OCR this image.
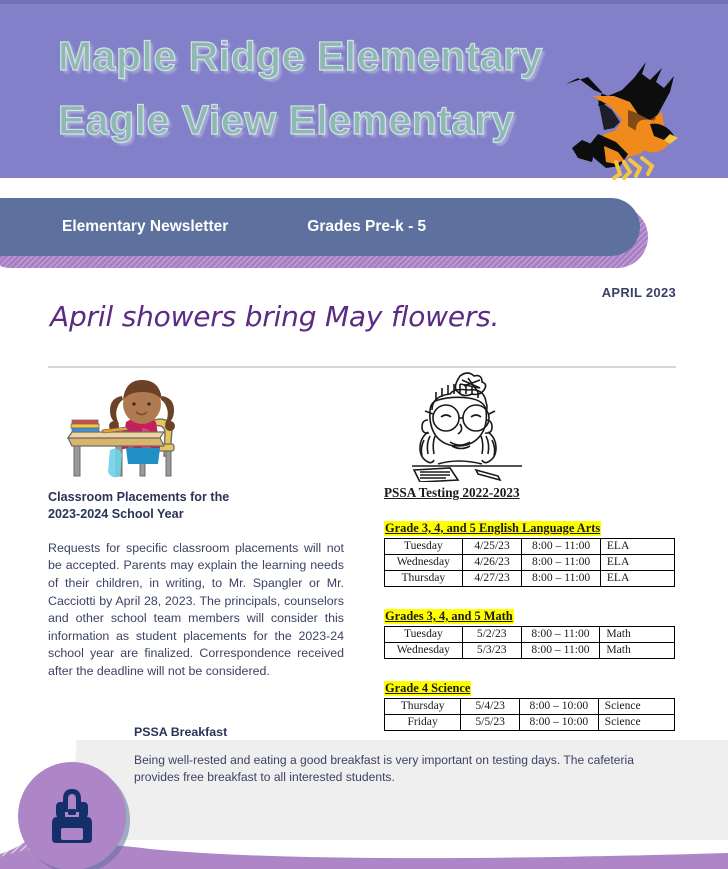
Maple Ridge Elementary
Eagle View Elementary
Elementary Newsletter	Grades Pre-k - 5
APRIL 2023
April showers bring May flowers.
Classroom Placements for the
2023-2024 School Year
Requests for specific classroom placements will not be accepted. Parents may explain the learning needs of their children, in writing, to Mr. Spangler or Mr. Cacciotti by April 28, 2023. The principals, counselors and other school team members will consider this information as student placements for the 2023-24 school year are finalized. Correspondence received after the deadline will not be considered.
PSSA Testing 2022-2023
Grade 3, 4, and 5 English Language Arts
Tuesday	4/25/23	8:00 – 11:00	ELA
Wednesday	4/26/23	8:00 – 11:00	ELA
Thursday	4/27/23	8:00 – 11:00	ELA
Grades 3, 4, and 5 Math
Tuesday	5/2/23	8:00 – 11:00	Math
Wednesday	5/3/23	8:00 – 11:00	Math
Grade 4 Science
Thursday	5/4/23	8:00 – 10:00	Science
Friday	5/5/23	8:00 – 10:00	Science
PSSA Breakfast
Being well-rested and eating a good breakfast is very important on testing days. The cafeteria provides free breakfast to all interested students.
